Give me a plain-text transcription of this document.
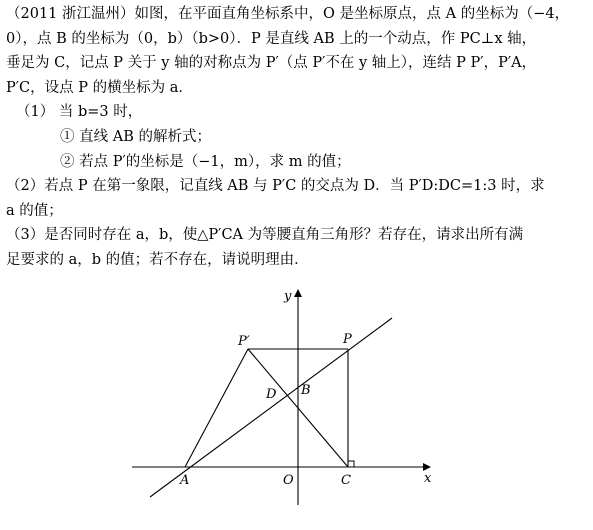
（2011 浙江温州）如图，在平面直角坐标系中，O 是坐标原点，点 A 的坐标为（−4，
0），点 B 的坐标为（0，b）（b>0）．P 是直线 AB 上的一个动点，作 PC⊥x 轴，
垂足为 C，记点 P 关于 y 轴的对称点为 P′（点 P′不在 y 轴上），连结 P P′，P′A，
P′C，设点 P 的横坐标为 a．
（1） 当 b=3 时，
① 直线 AB 的解析式；
② 若点 P′的坐标是（−1，m），求 m 的值；
（2）若点 P 在第一象限，记直线 AB 与 P′C 的交点为 D．当 P′D:DC=1:3 时，求
a 的值；
（3）是否同时存在 a，b，使△P′CA 为等腰直角三角形？若存在，请求出所有满
足要求的 a，b 的值；若不存在，请说明理由．
y
x
P′	P
D B
A	O	C
